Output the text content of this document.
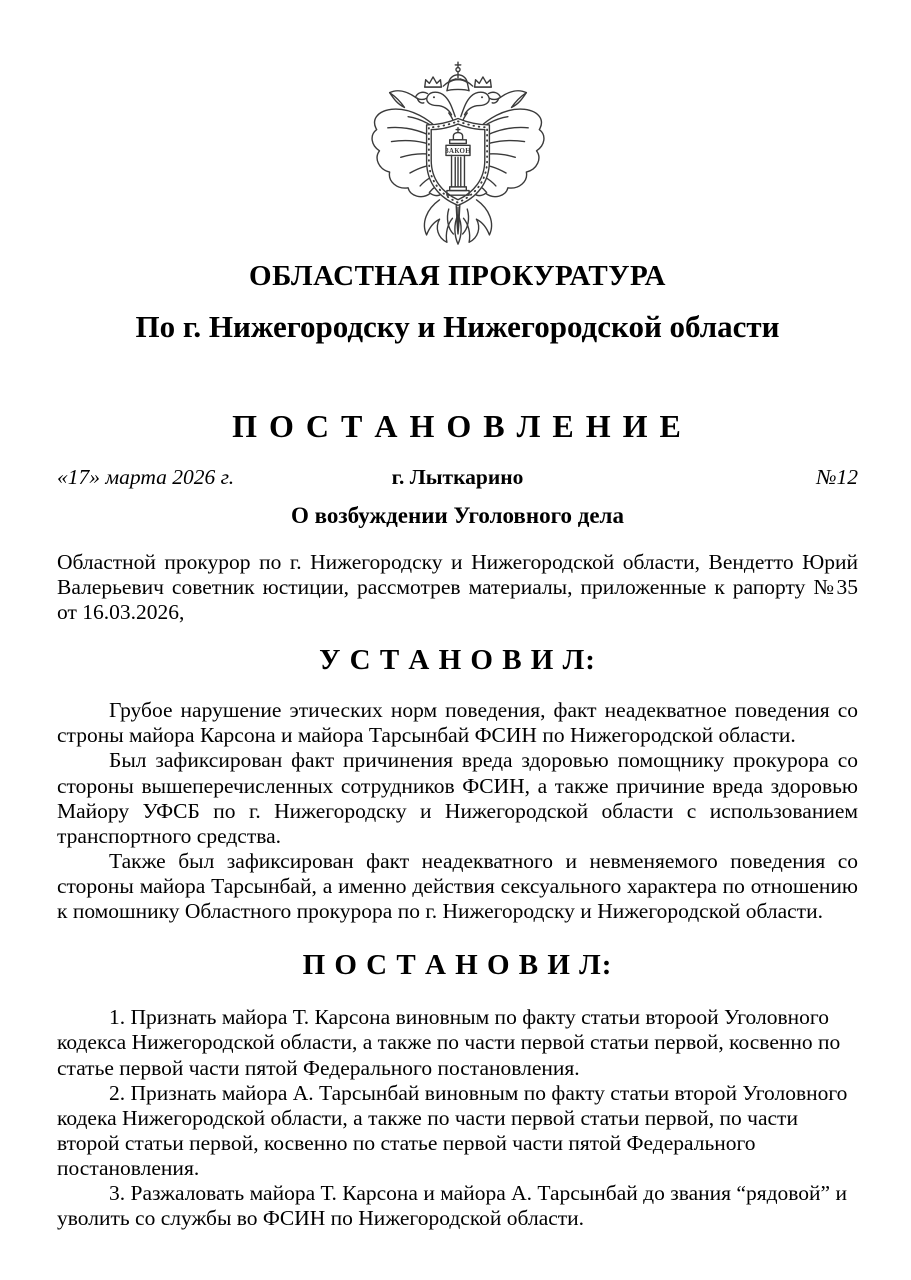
ЗАКОН
ОБЛАСТНАЯ ПРОКУРАТУРА
По г. Нижегородску и Нижегородской области
П О С Т А Н О В Л Е Н И Е
«17» марта 2026 г.	г. Лыткарино	№12
О возбуждении Уголовного дела

Областной прокурор по г. Нижегородску и Нижегородской области, Вендетто Юрий Валерьевич советник юстиции, рассмотрев материалы, приложенные к рапорту №35 от 16.03.2026,

У С Т А Н О В И Л:

Грубое нарушение этических норм поведения, факт неадекватное поведения со строны майора Карсона и майора Тарсынбай ФСИН по Нижегородской области.

Был зафиксирован факт причинения вреда здоровью помощнику прокурора со стороны вышеперечисленных сотрудников ФСИН, а также причиние вреда здоровью Майору УФСБ по г. Нижегородску и Нижегородской области с использованием транспортного средства.

Также был зафиксирован факт неадекватного и невменяемого поведения со стороны майора Тарсынбай, а именно действия сексуального характера по отношению к помошнику Областного прокурора по г. Нижегородску и Нижегородской области.

П О С Т А Н О В И Л:

1. Признать майора Т. Карсона виновным по факту статьи второой Уголовного кодекса Нижегородской области, а также по части первой статьи первой, косвенно по статье первой части пятой Федерального постановления.

2. Признать майора А. Тарсынбай виновным по факту статьи второй Уголовного кодека Нижегородской области, а также по части первой статьи первой, по части второй статьи первой, косвенно по статье первой части пятой Федерального постановления.

3. Разжаловать майора Т. Карсона и майора А. Тарсынбай до звания “рядовой” и уволить со службы во ФСИН по Нижегородской области.
